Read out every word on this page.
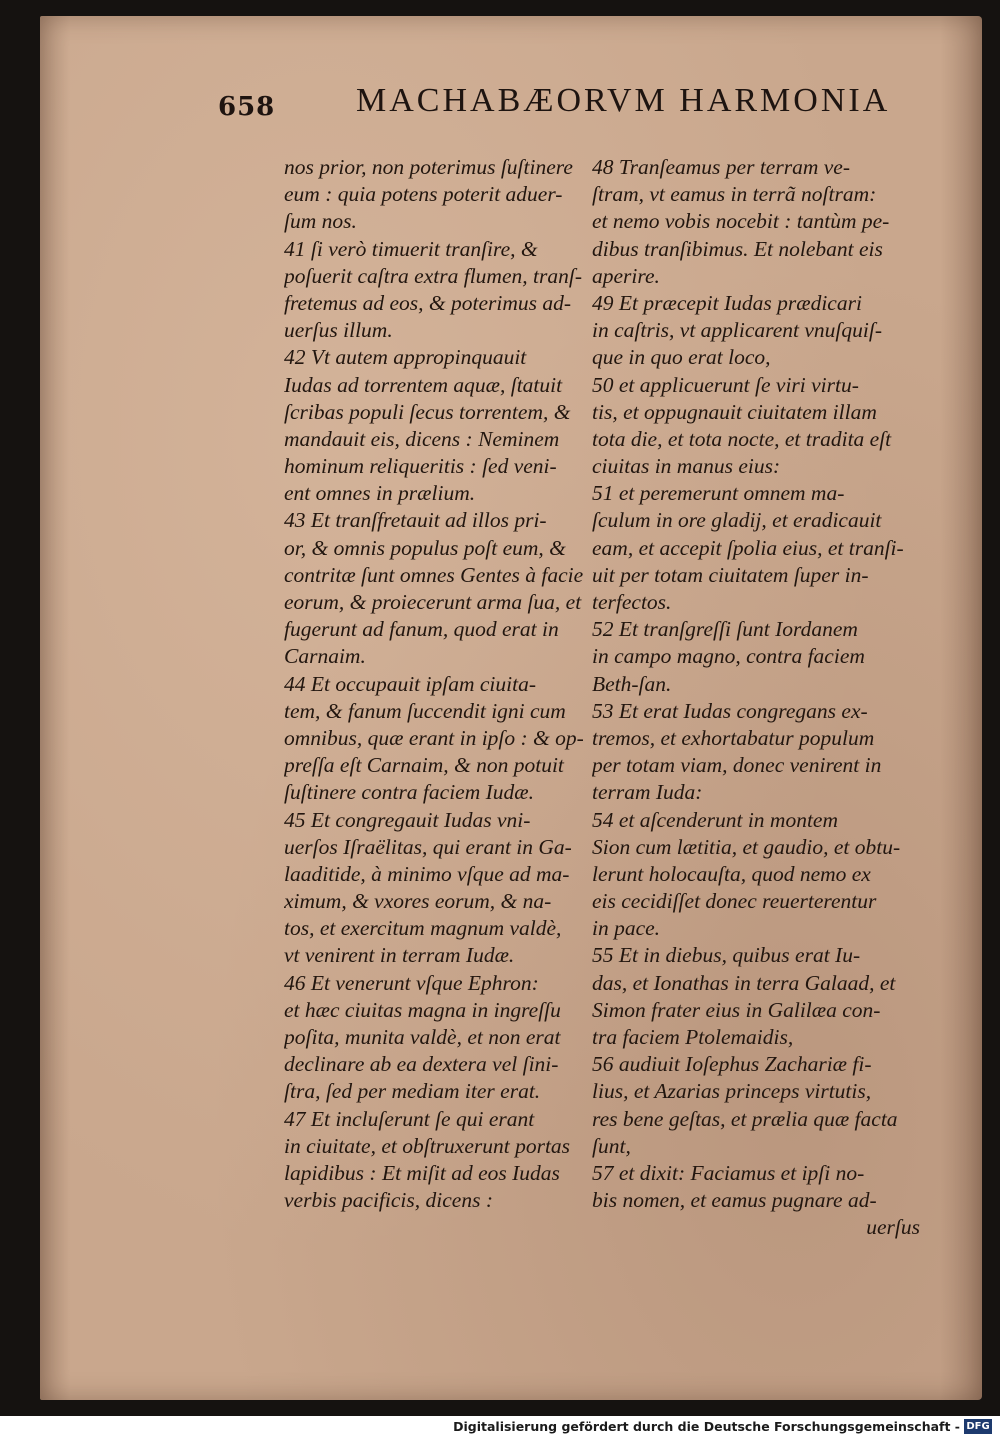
658 MACHABÆORVM HARMONIA
nos prior, non poterimus ſuſtinere
eum : quia potens poterit aduer-
ſum nos.
41 ſi verò timuerit tranſire, &
poſuerit caſtra extra flumen, tranſ-
fretemus ad eos, & poterimus ad-
uerſus illum.
42 Vt autem appropinquauit
Iudas ad torrentem aquæ, ſtatuit
ſcribas populi ſecus torrentem, &
mandauit eis, dicens : Neminem
hominum reliqueritis : ſed veni-
ent omnes in prælium.
43 Et tranſfretauit ad illos pri-
or, & omnis populus poſt eum, &
contritæ ſunt omnes Gentes à facie
eorum, & proiecerunt arma ſua, et
fugerunt ad fanum, quod erat in
Carnaim.
44 Et occupauit ipſam ciuita-
tem, & fanum ſuccendit igni cum
omnibus, quæ erant in ipſo : & op-
preſſa eſt Carnaim, & non potuit
ſuſtinere contra faciem Iudæ.
45 Et congregauit Iudas vni-
uerſos Iſraëlitas, qui erant in Ga-
laaditide, à minimo vſque ad ma-
ximum, & vxores eorum, & na-
tos, et exercitum magnum valdè,
vt venirent in terram Iudæ.
46 Et venerunt vſque Ephron:
et hæc ciuitas magna in ingreſſu
poſita, munita valdè, et non erat
declinare ab ea dextera vel ſini-
ſtra, ſed per mediam iter erat.
47 Et incluſerunt ſe qui erant
in ciuitate, et obſtruxerunt portas
lapidibus : Et miſit ad eos Iudas
verbis pacificis, dicens :
48 Tranſeamus per terram ve-
ſtram, vt eamus in terrã noſtram:
et nemo vobis nocebit : tantùm pe-
dibus tranſibimus. Et nolebant eis
aperire.
49 Et præcepit Iudas prædicari
in caſtris, vt applicarent vnuſquiſ-
que in quo erat loco,
50 et applicuerunt ſe viri virtu-
tis, et oppugnauit ciuitatem illam
tota die, et tota nocte, et tradita eſt
ciuitas in manus eius:
51 et peremerunt omnem ma-
ſculum in ore gladij, et eradicauit
eam, et accepit ſpolia eius, et tranſi-
uit per totam ciuitatem ſuper in-
terfectos.
52 Et tranſgreſſi ſunt Iordanem
in campo magno, contra faciem
Beth-ſan.
53 Et erat Iudas congregans ex-
tremos, et exhortabatur populum
per totam viam, donec venirent in
terram Iuda:
54 et aſcenderunt in montem
Sion cum lætitia, et gaudio, et obtu-
lerunt holocauſta, quod nemo ex
eis cecidiſſet donec reuerterentur
in pace.
55 Et in diebus, quibus erat Iu-
das, et Ionathas in terra Galaad, et
Simon frater eius in Galilæa con-
tra faciem Ptolemaidis,
56 audiuit Ioſephus Zachariæ fi-
lius, et Azarias princeps virtutis,
res bene geſtas, et prælia quæ facta
ſunt,
57 et dixit: Faciamus et ipſi no-
bis nomen, et eamus pugnare ad-
uerſus
Digitalisierung gefördert durch die Deutsche Forschungsgemeinschaft - DFG
